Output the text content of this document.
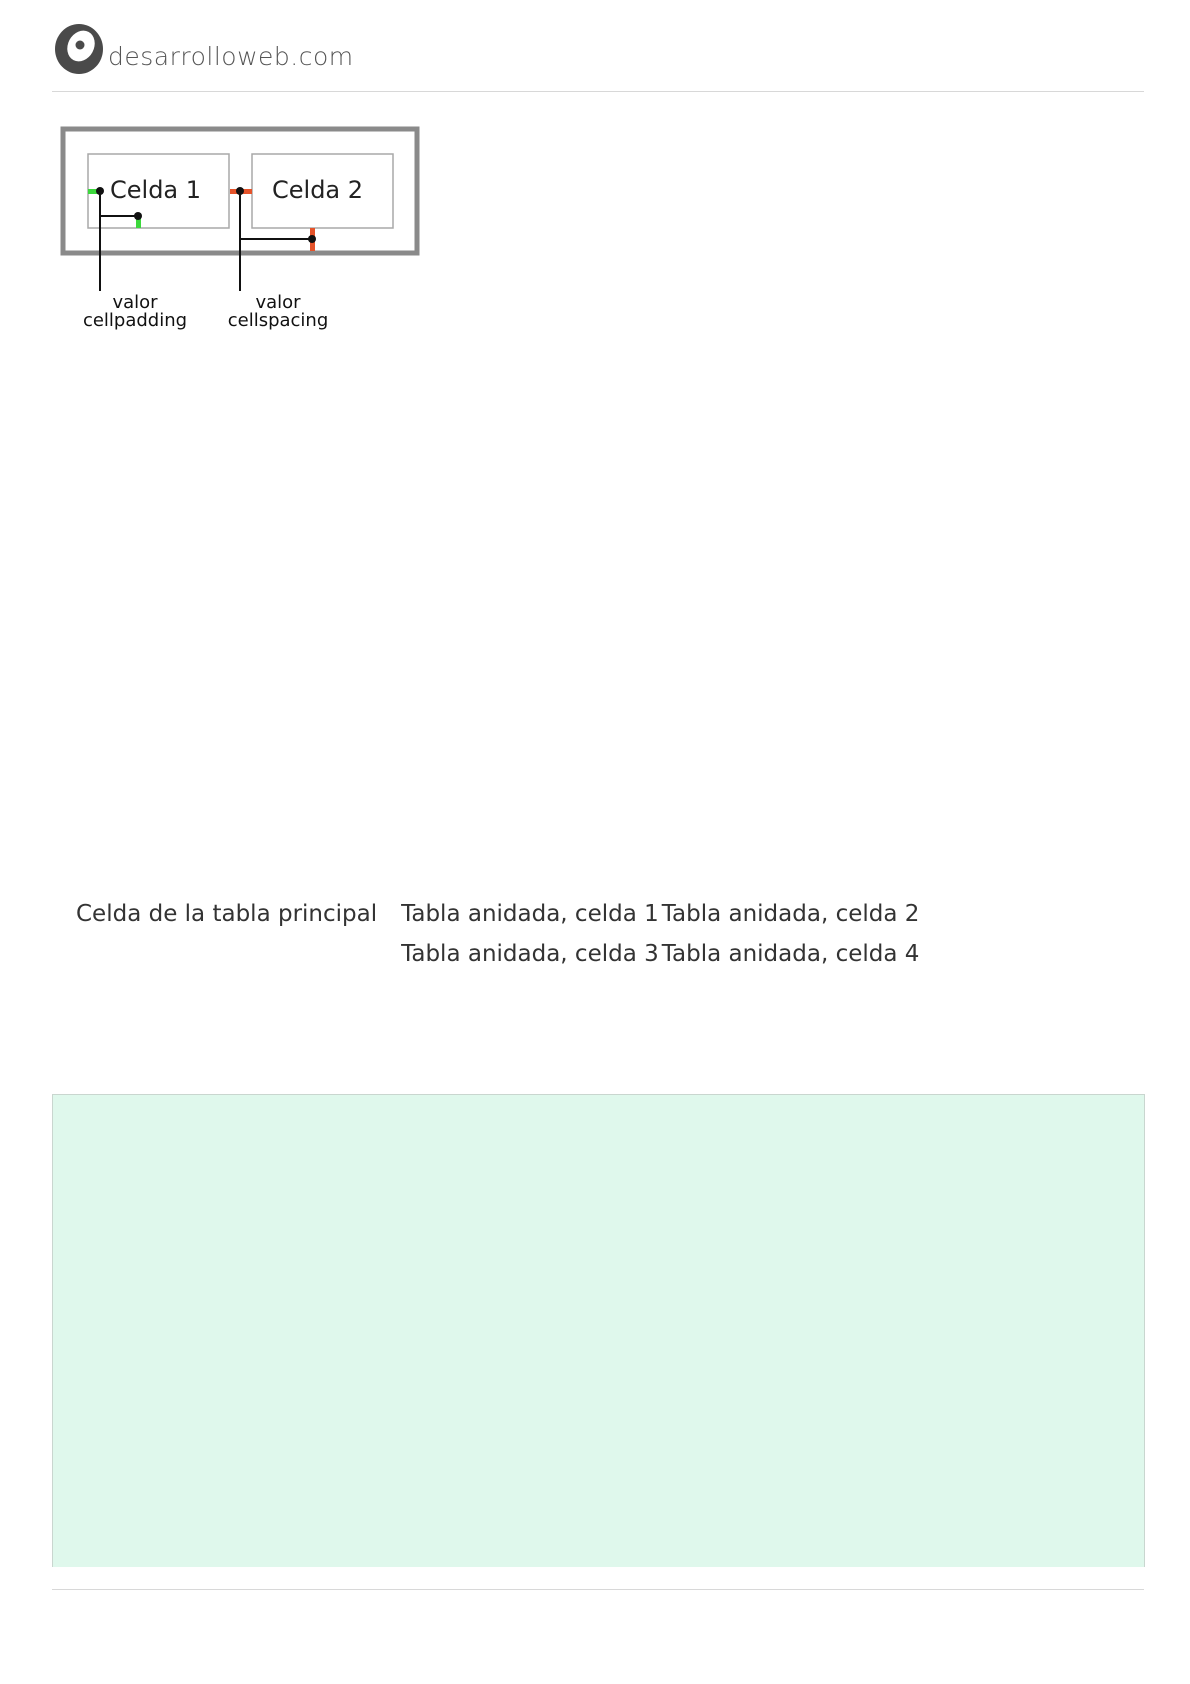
desarrolloweb.com
Celda 1	Celda 2
valor
cellpadding
valor
cellspacing
Celda de la tabla principal	Tabla anidada, celda 1	Tabla anidada, celda 2
Tabla anidada, celda 3	Tabla anidada, celda 4
